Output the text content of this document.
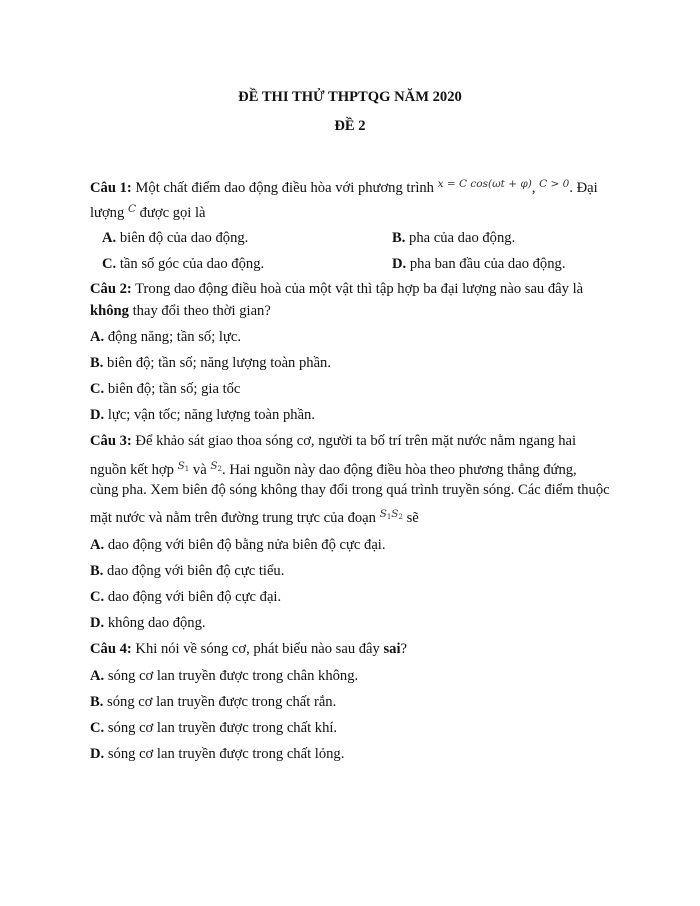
ĐỀ THI THỬ THPTQG NĂM 2020
ĐỀ 2
Câu 1: Một chất điểm dao động điều hòa với phương trình $^{x = C cos(\omega t + \varphi)}$, $^{C > 0}$. Đại
lượng $^C$ được gọi là
A. biên độ của dao động.	B. pha của dao động.
C. tần số góc của dao động.	D. pha ban đầu của dao động.
Câu 2: Trong dao động điều hoà của một vật thì tập hợp ba đại lượng nào sau đây là
không thay đổi theo thời gian?
A. động năng; tần số; lực.
B. biên độ; tần số; năng lượng toàn phần.
C. biên độ; tần số; gia tốc
D. lực; vận tốc; năng lượng toàn phần.
Câu 3: Để khảo sát giao thoa sóng cơ, người ta bố trí trên mặt nước nằm ngang hai
nguồn kết hợp $^{S_1}$ và $^{S_2}$. Hai nguồn này dao động điều hòa theo phương thẳng đứng,
cùng pha. Xem biên độ sóng không thay đổi trong quá trình truyền sóng. Các điểm thuộc
mặt nước và nằm trên đường trung trực của đoạn $^{S_1S_2}$ sẽ
A. dao động với biên độ bằng nửa biên độ cực đại.
B. dao động với biên độ cực tiểu.
C. dao động với biên độ cực đại.
D. không dao động.
Câu 4: Khi nói về sóng cơ, phát biểu nào sau đây sai?
A. sóng cơ lan truyền được trong chân không.
B. sóng cơ lan truyền được trong chất rắn.
C. sóng cơ lan truyền được trong chất khí.
D. sóng cơ lan truyền được trong chất lỏng.
